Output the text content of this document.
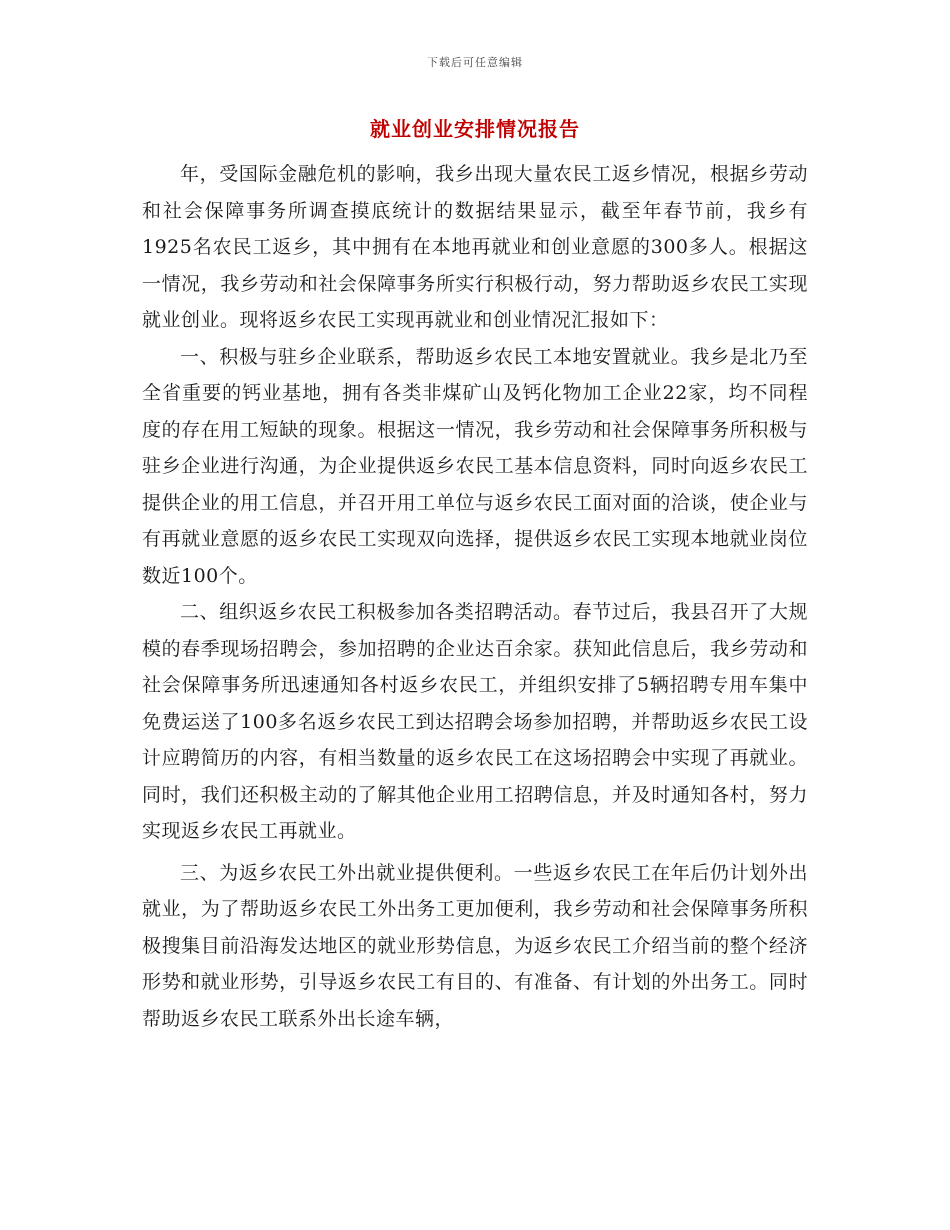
下载后可任意编辑
就业创业安排情况报告

年，受国际金融危机的影响，我乡出现大量农民工返乡情况，根据乡劳动和社会保障事务所调查摸底统计的数据结果显示，截至年春节前，我乡有1925名农民工返乡，其中拥有在本地再就业和创业意愿的300多人。根据这一情况，我乡劳动和社会保障事务所实行积极行动，努力帮助返乡农民工实现就业创业。现将返乡农民工实现再就业和创业情况汇报如下：

一、积极与驻乡企业联系，帮助返乡农民工本地安置就业。我乡是北乃至全省重要的钙业基地，拥有各类非煤矿山及钙化物加工企业22家，均不同程度的存在用工短缺的现象。根据这一情况，我乡劳动和社会保障事务所积极与驻乡企业进行沟通，为企业提供返乡农民工基本信息资料，同时向返乡农民工提供企业的用工信息，并召开用工单位与返乡农民工面对面的洽谈，使企业与有再就业意愿的返乡农民工实现双向选择，提供返乡农民工实现本地就业岗位数近100个。

二、组织返乡农民工积极参加各类招聘活动。春节过后，我县召开了大规模的春季现场招聘会，参加招聘的企业达百余家。获知此信息后，我乡劳动和社会保障事务所迅速通知各村返乡农民工，并组织安排了5辆招聘专用车集中免费运送了100多名返乡农民工到达招聘会场参加招聘，并帮助返乡农民工设计应聘简历的内容，有相当数量的返乡农民工在这场招聘会中实现了再就业。同时，我们还积极主动的了解其他企业用工招聘信息，并及时通知各村，努力实现返乡农民工再就业。

三、为返乡农民工外出就业提供便利。一些返乡农民工在年后仍计划外出就业，为了帮助返乡农民工外出务工更加便利，我乡劳动和社会保障事务所积极搜集目前沿海发达地区的就业形势信息，为返乡农民工介绍当前的整个经济形势和就业形势，引导返乡农民工有目的、有准备、有计划的外出务工。同时帮助返乡农民工联系外出长途车辆，
